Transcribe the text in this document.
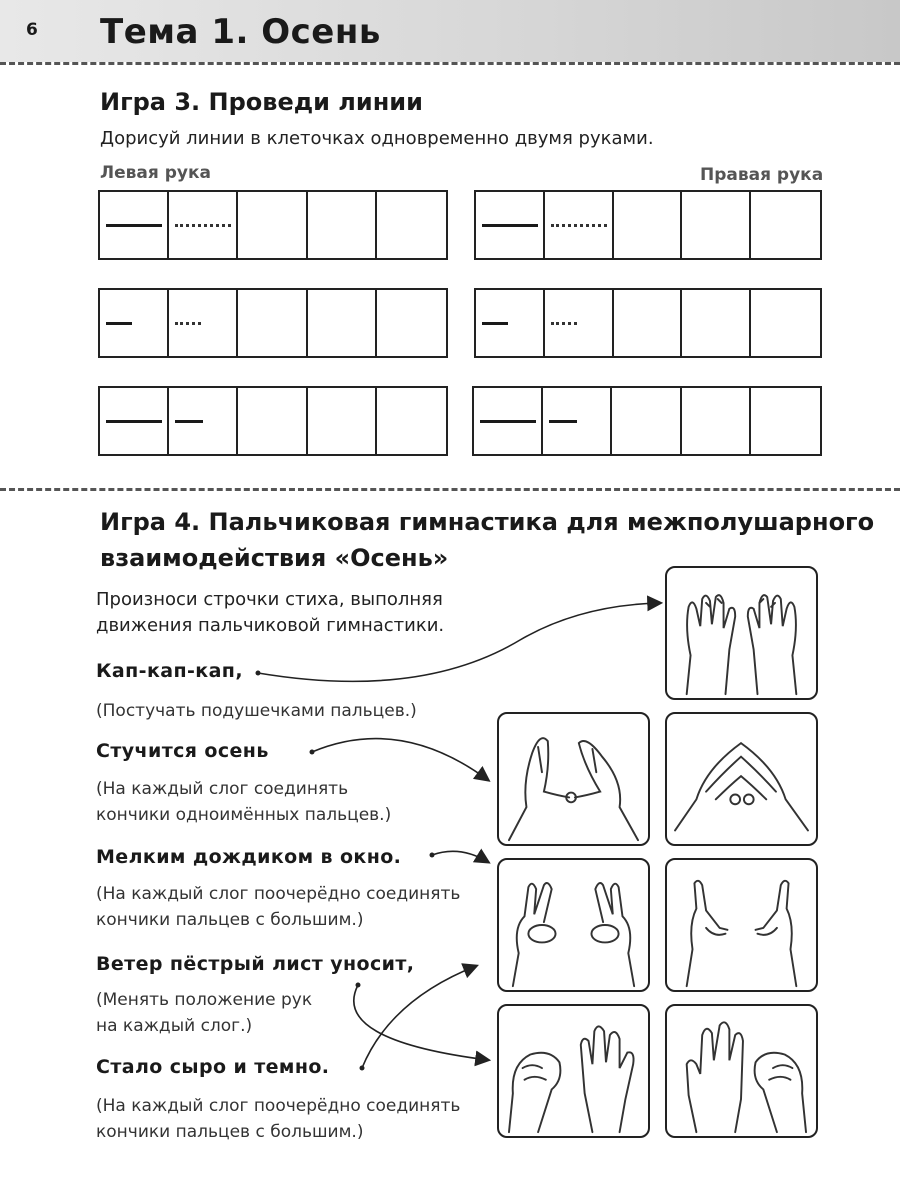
6 Тема 1. Осень
Игра 3. Проведи линии
Дорисуй линии в клеточках одновременно двумя руками.
Левая рука	Правая рука
Игра 4. Пальчиковая гимнастика для межполушарного
взаимодействия «Осень»
Произноси строчки стиха, выполняя
движения пальчиковой гимнастики.
Кап-кап-кап,
(Постучать подушечками пальцев.)
Стучится осень
(На каждый слог соединять
кончики одноимённых пальцев.)
Мелким дождиком в окно.
(На каждый слог поочерёдно соединять
кончики пальцев с большим.)
Ветер пёстрый лист уносит,
(Менять положение рук
на каждый слог.)
Стало сыро и темно.
(На каждый слог поочерёдно соединять
кончики пальцев с большим.)
